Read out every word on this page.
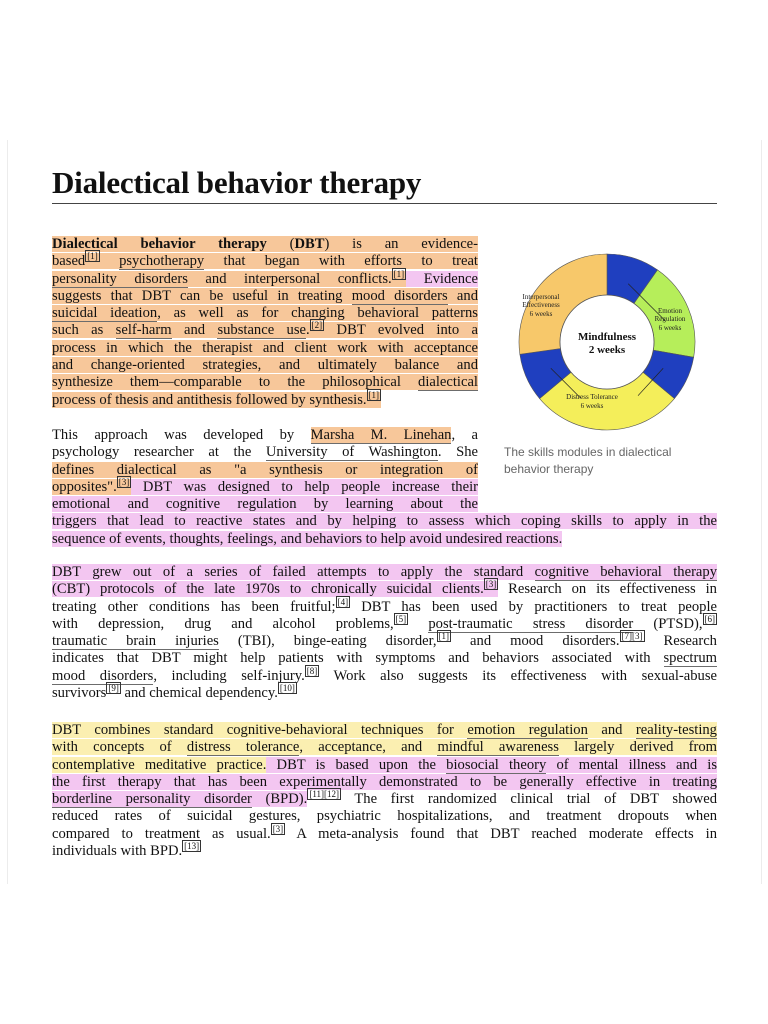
Dialectical behavior therapy
Dialectical behavior therapy (DBT) is an evidence-
based [1] psychotherapy that began with efforts to treat
personality disorders and interpersonal conflicts. [1] Evidence
suggests that DBT can be useful in treating mood disorders and
suicidal ideation, as well as for changing behavioral patterns
such as self-harm and substance use. [2] DBT evolved into a
process in which the therapist and client work with acceptance
and change-oriented strategies, and ultimately balance and
synthesize them—comparable to the philosophical dialectical
process of thesis and antithesis followed by synthesis. [1]
Mindfulness
2 weeks
Interpersonal
Effectiveness
6 weeks	Emotion
Regulation
6 weeks
Distress Tolerance
6 weeks
The skills modules in dialectical behavior therapy
This approach was developed by Marsha M. Linehan, a
psychology researcher at the University of Washington. She
defines dialectical as "a synthesis or integration of
opposites". [3] DBT was designed to help people increase their
emotional and cognitive regulation by learning about the
triggers that lead to reactive states and by helping to assess which coping skills to apply in the
sequence of events, thoughts, feelings, and behaviors to help avoid undesired reactions.
DBT grew out of a series of failed attempts to apply the standard cognitive behavioral therapy
(CBT) protocols of the late 1970s to chronically suicidal clients. [3] Research on its effectiveness in
treating other conditions has been fruitful; [4] DBT has been used by practitioners to treat people
with depression, drug and alcohol problems, [5] post-traumatic stress disorder (PTSD), [6]
traumatic brain injuries (TBI), binge-eating disorder, [1] and mood disorders. [7][3] Research
indicates that DBT might help patients with symptoms and behaviors associated with spectrum
mood disorders, including self-injury. [8] Work also suggests its effectiveness with sexual-abuse
survivors [9] and chemical dependency. [10]
DBT combines standard cognitive-behavioral techniques for emotion regulation and reality-testing
with concepts of distress tolerance, acceptance, and mindful awareness largely derived from
contemplative meditative practice. DBT is based upon the biosocial theory of mental illness and is
the first therapy that has been experimentally demonstrated to be generally effective in treating
borderline personality disorder (BPD). [11][12] The first randomized clinical trial of DBT showed
reduced rates of suicidal gestures, psychiatric hospitalizations, and treatment dropouts when
compared to treatment as usual. [3] A meta-analysis found that DBT reached moderate effects in
individuals with BPD. [13]
